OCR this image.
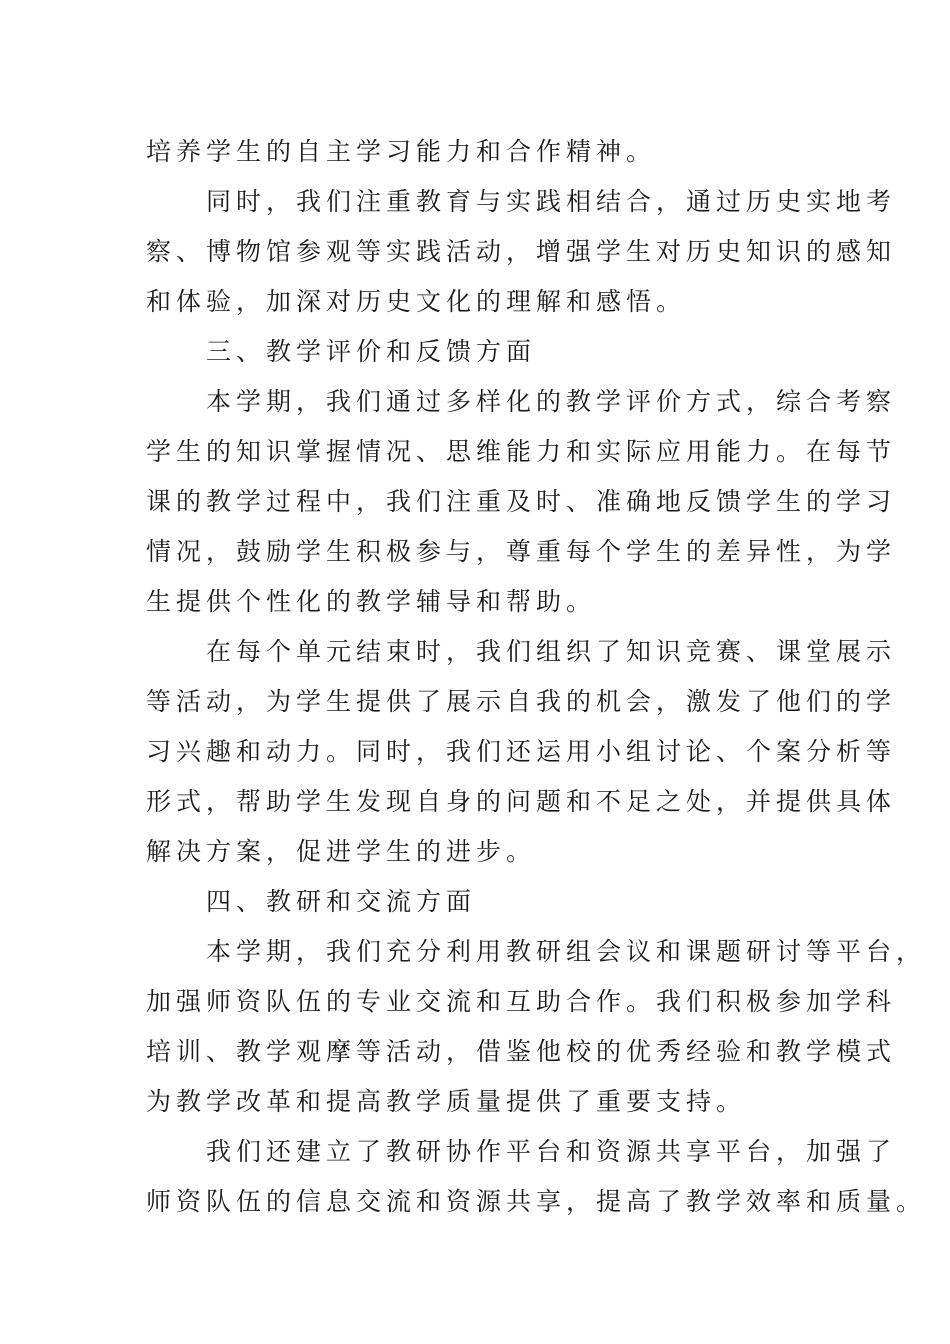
培养学生的自主学习能力和合作精神。

　　同时，我们注重教育与实践相结合，通过历史实地考

察、博物馆参观等实践活动，增强学生对历史知识的感知

和体验，加深对历史文化的理解和感悟。

　　三、教学评价和反馈方面

　　本学期，我们通过多样化的教学评价方式，综合考察

学生的知识掌握情况、思维能力和实际应用能力。在每节

课的教学过程中，我们注重及时、准确地反馈学生的学习

情况，鼓励学生积极参与，尊重每个学生的差异性，为学

生提供个性化的教学辅导和帮助。

　　在每个单元结束时，我们组织了知识竞赛、课堂展示

等活动，为学生提供了展示自我的机会，激发了他们的学

习兴趣和动力。同时，我们还运用小组讨论、个案分析等

形式，帮助学生发现自身的问题和不足之处，并提供具体

解决方案，促进学生的进步。

　　四、教研和交流方面

　　本学期，我们充分利用教研组会议和课题研讨等平台，

加强师资队伍的专业交流和互助合作。我们积极参加学科

培训、教学观摩等活动，借鉴他校的优秀经验和教学模式

为教学改革和提高教学质量提供了重要支持。

　　我们还建立了教研协作平台和资源共享平台，加强了

师资队伍的信息交流和资源共享，提高了教学效率和质量。
